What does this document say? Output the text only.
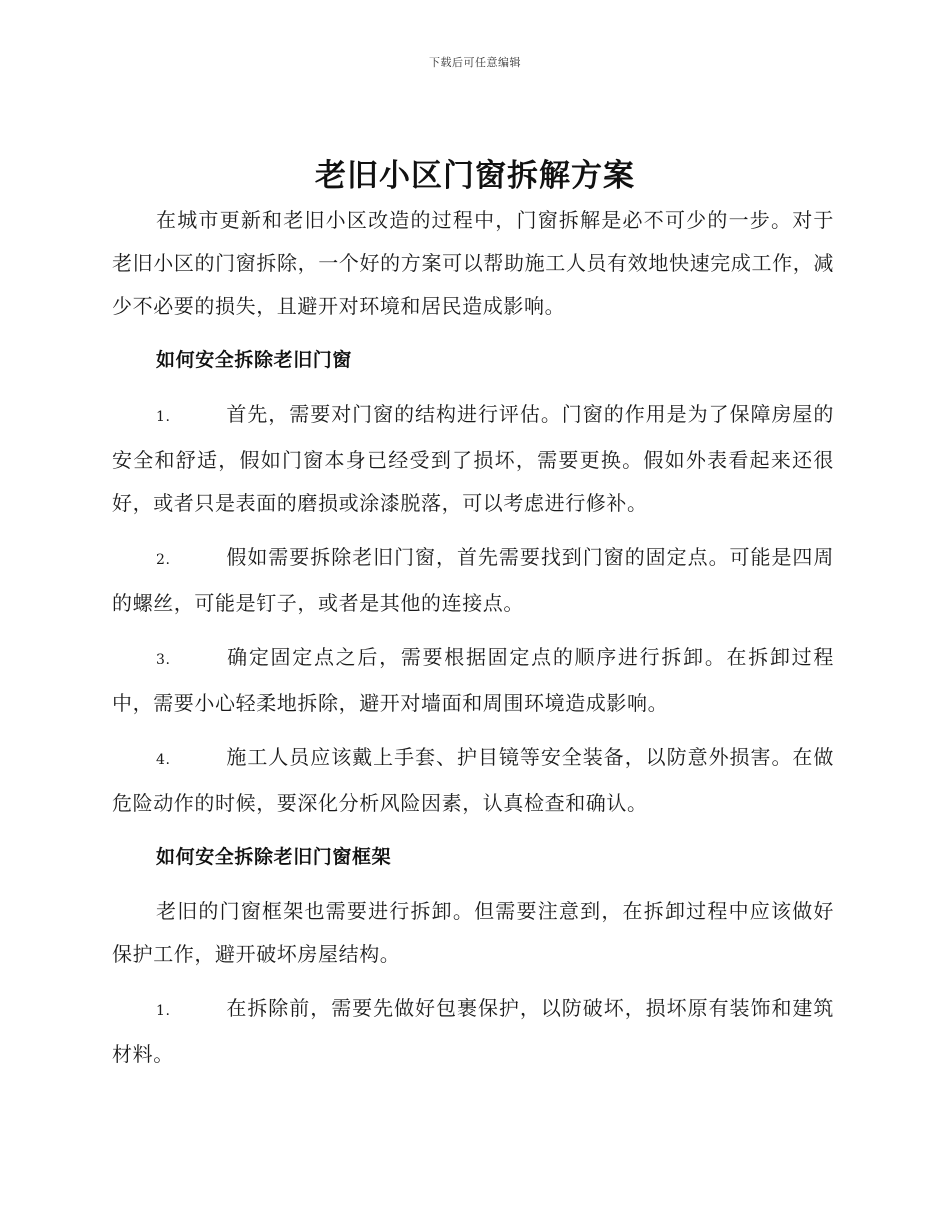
下载后可任意编辑
老旧小区门窗拆解方案

在城市更新和老旧小区改造的过程中，门窗拆解是必不可少的一步。对于老旧小区的门窗拆除，一个好的方案可以帮助施工人员有效地快速完成工作，减少不必要的损失，且避开对环境和居民造成影响。

如何安全拆除老旧门窗

1.	首先，需要对门窗的结构进行评估。门窗的作用是为了保障房屋的安全和舒适，假如门窗本身已经受到了损坏，需要更换。假如外表看起来还很好，或者只是表面的磨损或涂漆脱落，可以考虑进行修补。

2.	假如需要拆除老旧门窗，首先需要找到门窗的固定点。可能是四周的螺丝，可能是钉子，或者是其他的连接点。

3.	确定固定点之后，需要根据固定点的顺序进行拆卸。在拆卸过程中，需要小心轻柔地拆除，避开对墙面和周围环境造成影响。

4.	施工人员应该戴上手套、护目镜等安全装备，以防意外损害。在做危险动作的时候，要深化分析风险因素，认真检查和确认。

如何安全拆除老旧门窗框架

老旧的门窗框架也需要进行拆卸。但需要注意到，在拆卸过程中应该做好保护工作，避开破坏房屋结构。

1.	在拆除前，需要先做好包裹保护，以防破坏，损坏原有装饰和建筑材料。
